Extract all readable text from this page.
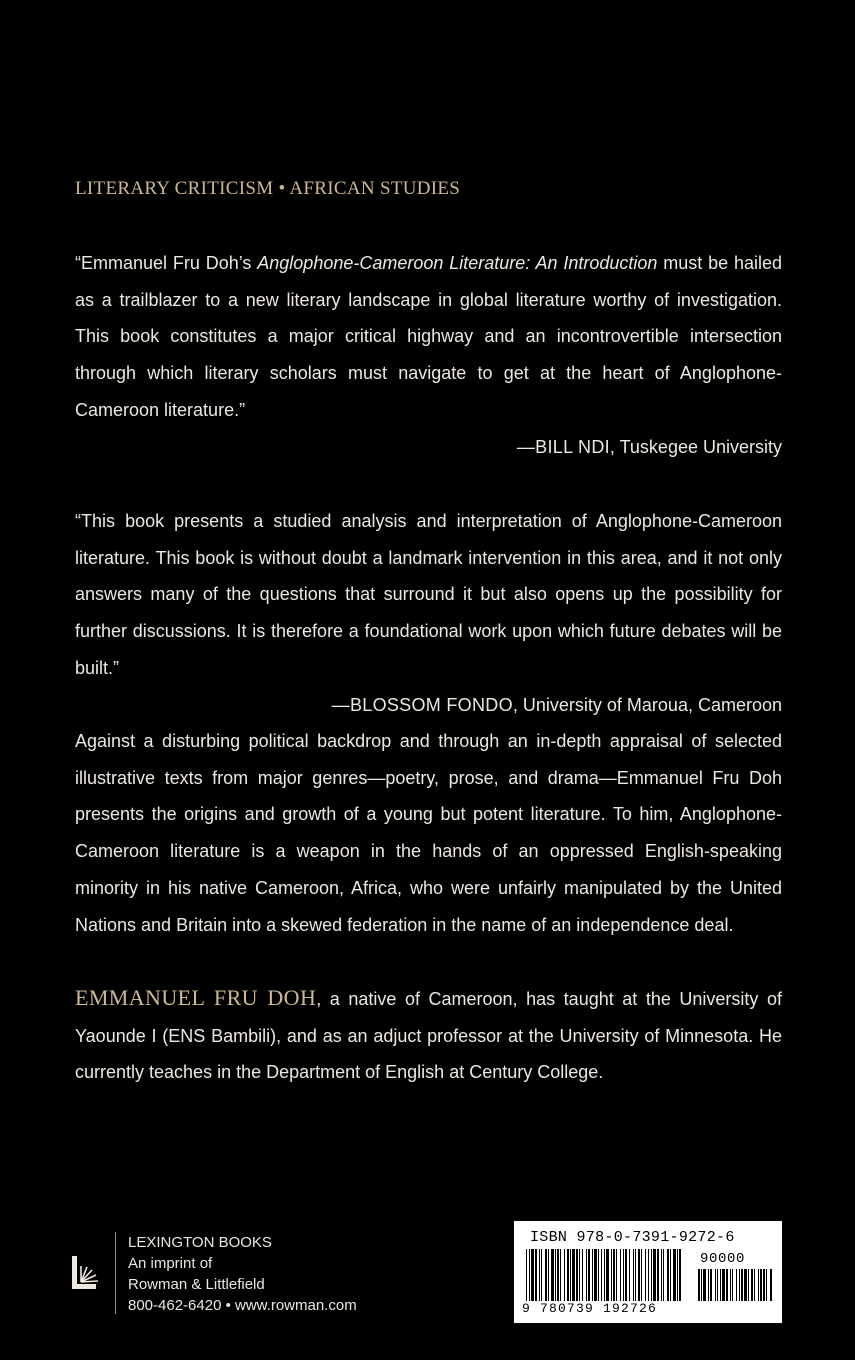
LITERARY CRITICISM • AFRICAN STUDIES

“Emmanuel Fru Doh’s Anglophone-Cameroon Literature: An Introduction must be hailed as a trailblazer to a new literary landscape in global literature worthy of investigation. This book constitutes a major critical highway and an incontrovertible intersection through which literary scholars must navigate to get at the heart of Anglophone-Cameroon literature.”

—BILL NDI, Tuskegee University

“This book presents a studied analysis and interpretation of Anglophone-Cameroon literature. This book is without doubt a landmark intervention in this area, and it not only answers many of the questions that surround it but also opens up the possibility for further discussions. It is therefore a foundational work upon which future debates will be built.”

—BLOSSOM FONDO, University of Maroua, Cameroon

Against a disturbing political backdrop and through an in-depth appraisal of selected illustrative texts from major genres—poetry, prose, and drama—Emmanuel Fru Doh presents the origins and growth of a young but potent literature. To him, Anglophone-Cameroon literature is a weapon in the hands of an oppressed English-speaking minority in his native Cameroon, Africa, who were unfairly manipulated by the United Nations and Britain into a skewed federation in the name of an independence deal.

EMMANUEL FRU DOH, a native of Cameroon, has taught at the University of Yaounde I (ENS Bambili), and as an adjuct professor at the University of Minnesota. He currently teaches in the Department of English at Century College.

LEXINGTON BOOKS
An imprint of
Rowman & Littlefield
800-462-6420 • www.rowman.com
ISBN 978-0-7391-9272-6
90000
9 780739 192726
